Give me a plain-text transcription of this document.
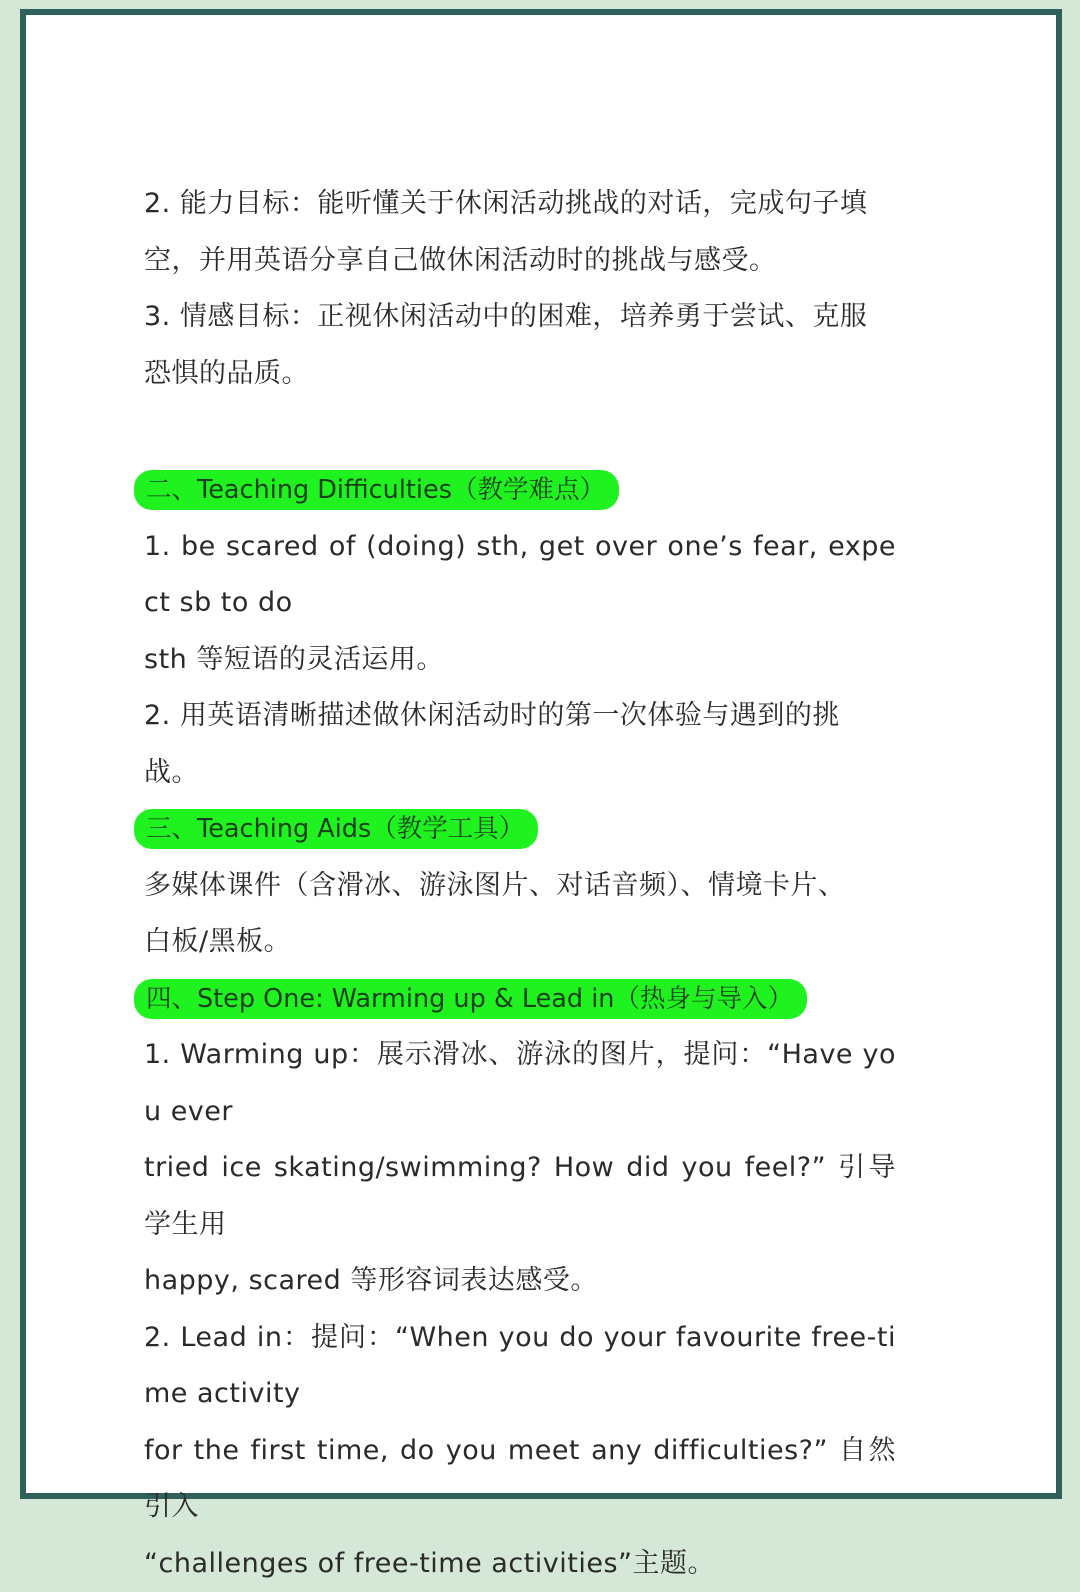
2. 能力目标：能听懂关于休闲活动挑战的对话，完成句子填

空，并用英语分享自己做休闲活动时的挑战与感受。

3. 情感目标：正视休闲活动中的困难，培养勇于尝试、克服

恐惧的品质。

二、Teaching Difficulties（教学难点）

1. be scared of (doing) sth, get over one’s fear, expect sb to do

sth 等短语的灵活运用。

2. 用英语清晰描述做休闲活动时的第一次体验与遇到的挑

战。

三、Teaching Aids（教学工具）

多媒体课件（含滑冰、游泳图片、对话音频）、情境卡片、

白板/黑板。

四、Step One: Warming up & Lead in（热身与导入）

1. Warming up：展示滑冰、游泳的图片，提问：“Have you ever

tried ice skating/swimming? How did you feel?” 引导学生用

happy, scared 等形容词表达感受。

2. Lead in：提问：“When you do your favourite free-time activity

for the first time, do you meet any difficulties?” 自然引入

“challenges of free-time activities”主题。
